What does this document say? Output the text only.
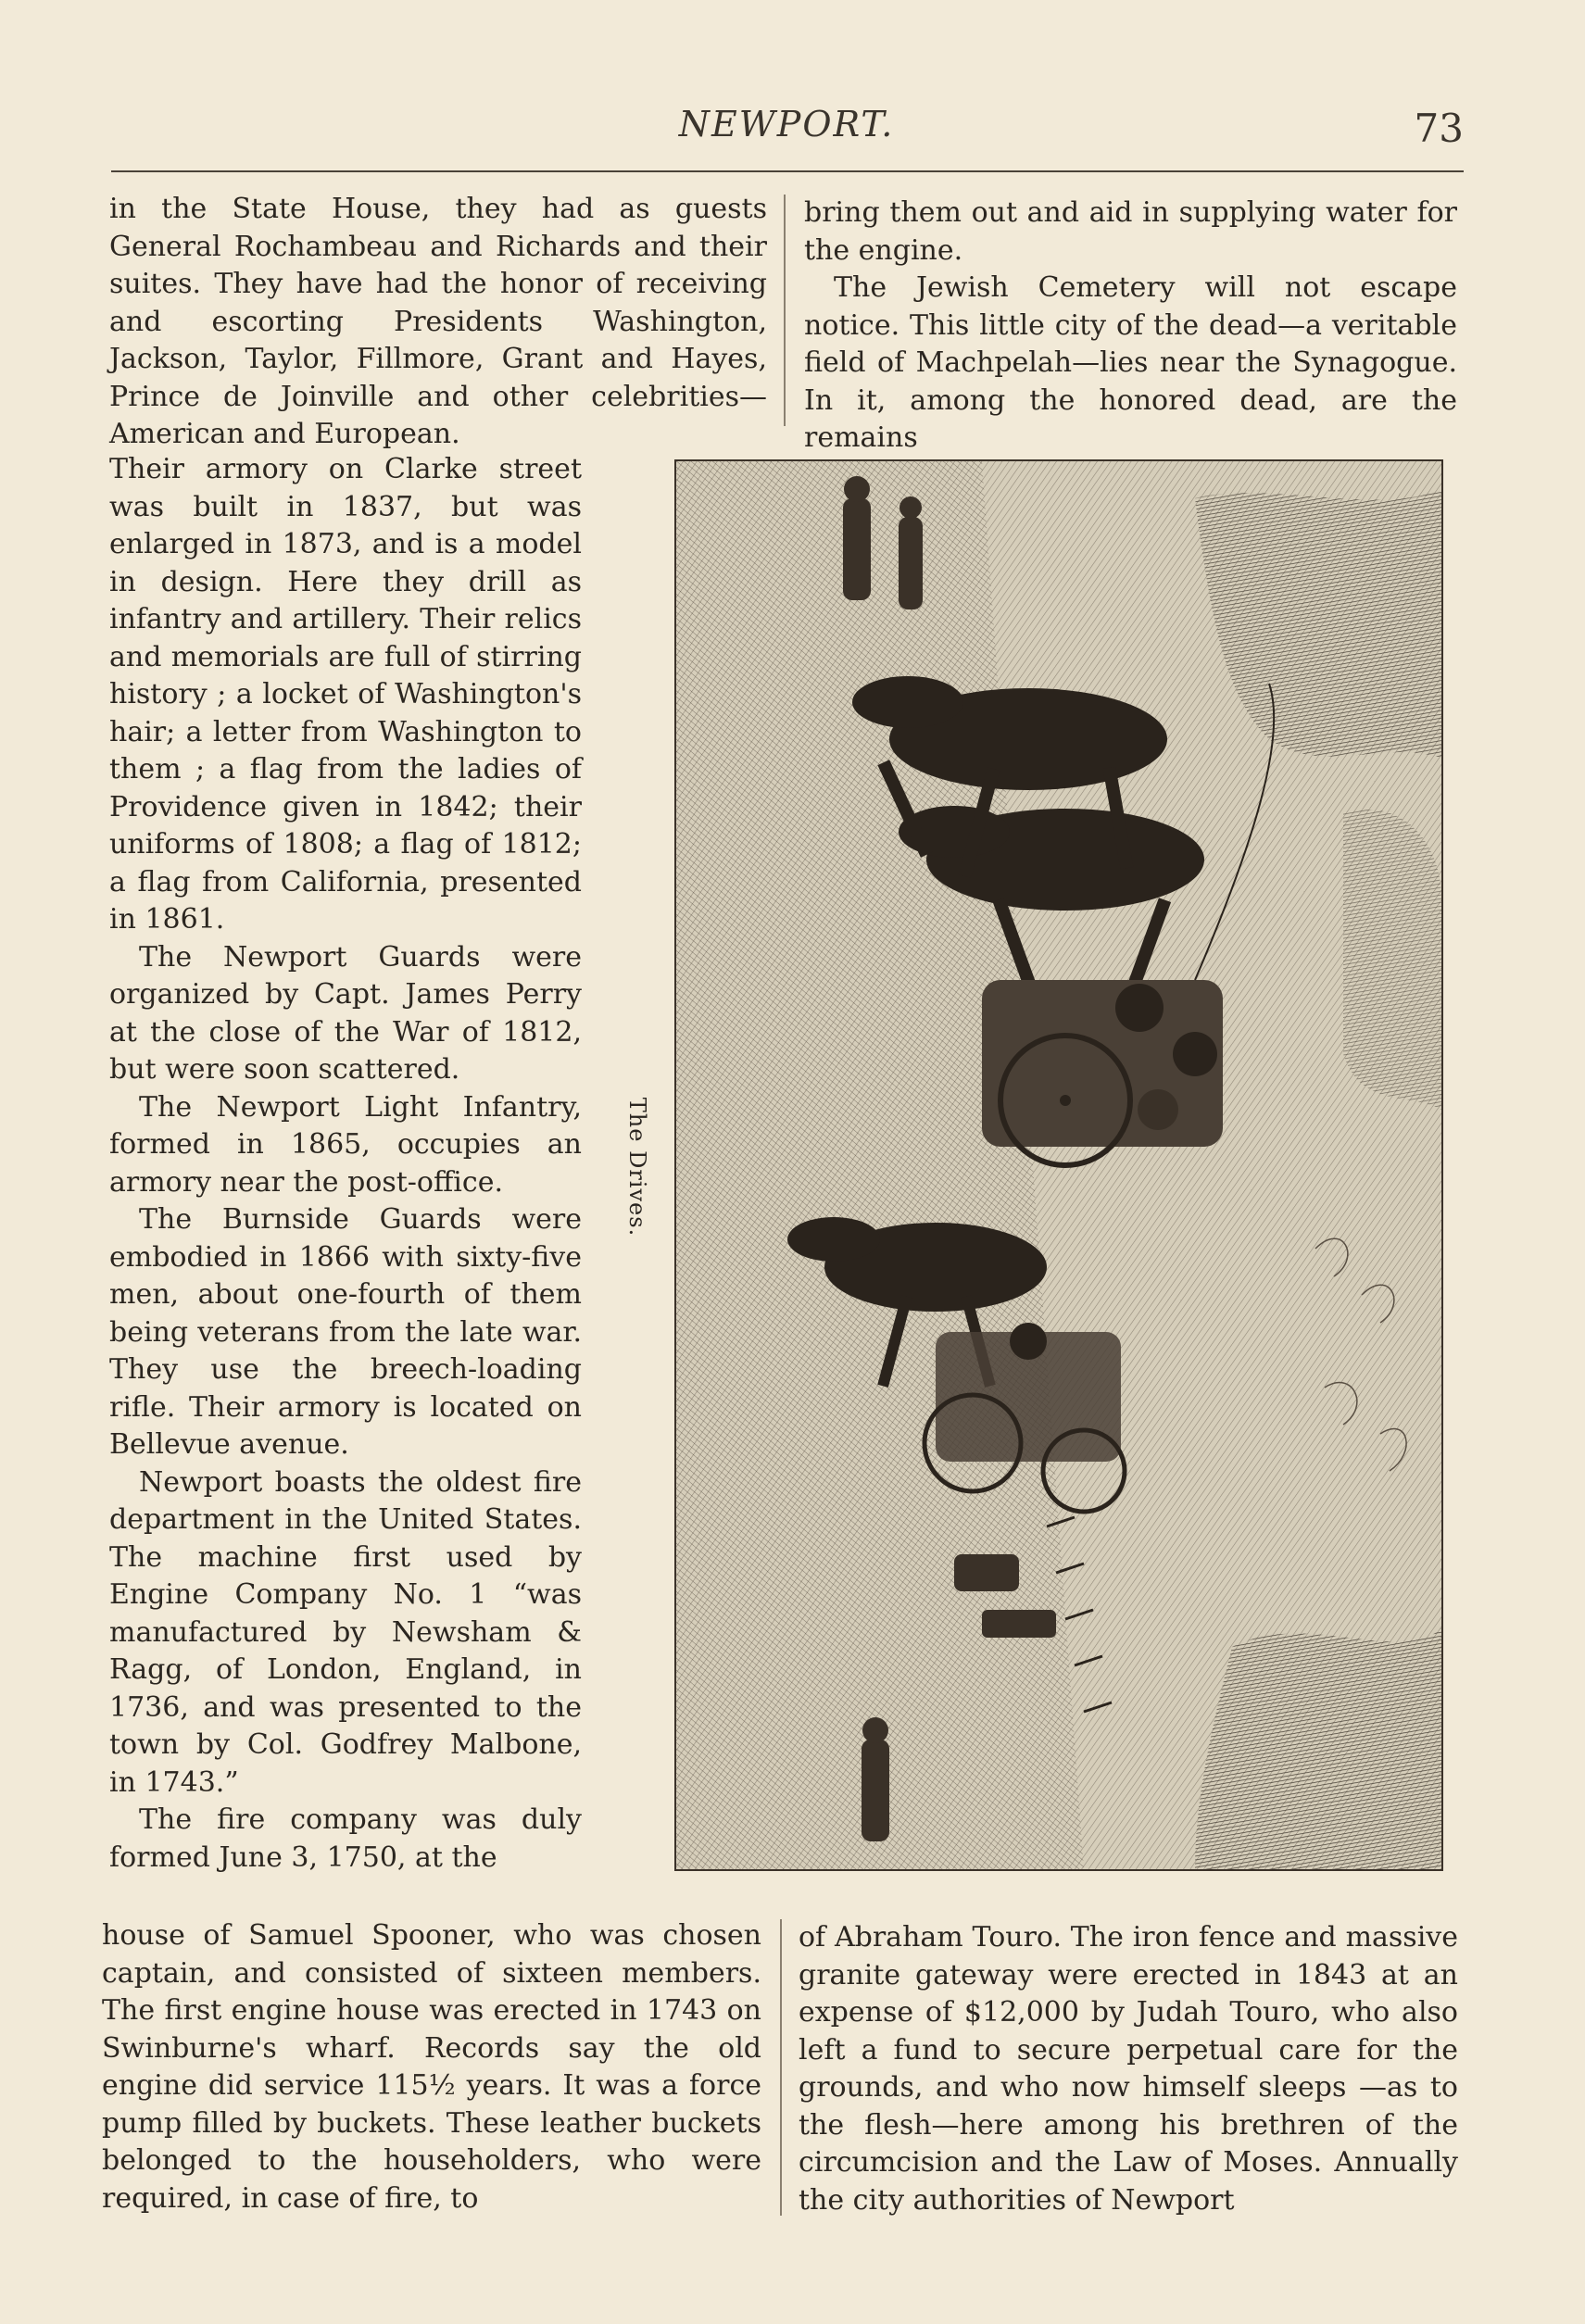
NEWPORT.	73

in the State House, they had as guests General Rochambeau and Richards and their suites. They have had the honor of receiving and escorting Presidents Washington, Jackson, Taylor, Fillmore, Grant and Hayes, Prince de Joinville and other celebrities—American and European.

Their armory on Clarke street was built in 1837, but was enlarged in 1873, and is a model in design. Here they drill as infantry and artillery. Their relics and memorials are full of stirring history ; a locket of Washington's hair; a letter from Washington to them ; a flag from the ladies of Providence given in 1842; their uniforms of 1808; a flag of 1812; a flag from California, presented in 1861.

The Newport Guards were organized by Capt. James Perry at the close of the War of 1812, but were soon scattered.

The Newport Light Infantry, formed in 1865, occupies an armory near the post-office.

The Burnside Guards were embodied in 1866 with sixty-five men, about one-fourth of them being veterans from the late war. They use the breech-loading rifle. Their armory is located on Bellevue avenue.

Newport boasts the oldest fire department in the United States. The machine first used by Engine Company No. 1 “was manufactured by Newsham & Ragg, of London, England, in 1736, and was presented to the town by Col. Godfrey Malbone, in 1743.”

The fire company was duly formed June 3, 1750, at the

house of Samuel Spooner, who was chosen captain, and consisted of sixteen members. The first engine house was erected in 1743 on Swinburne's wharf. Records say the old engine did service 115½ years. It was a force pump filled by buckets. These leather buckets belonged to the householders, who were required, in case of fire, to

bring them out and aid in supplying water for the engine.

The Jewish Cemetery will not escape notice. This little city of the dead—a veritable field of Machpelah—lies near the Synagogue. In it, among the honored dead, are the remains

of Abraham Touro. The iron fence and massive granite gateway were erected in 1843 at an expense of $12,000 by Judah Touro, who also left a fund to secure perpetual care for the grounds, and who now himself sleeps —as to the flesh—here among his brethren of the circumcision and the Law of Moses. Annually the city authorities of Newport

The Drives.
